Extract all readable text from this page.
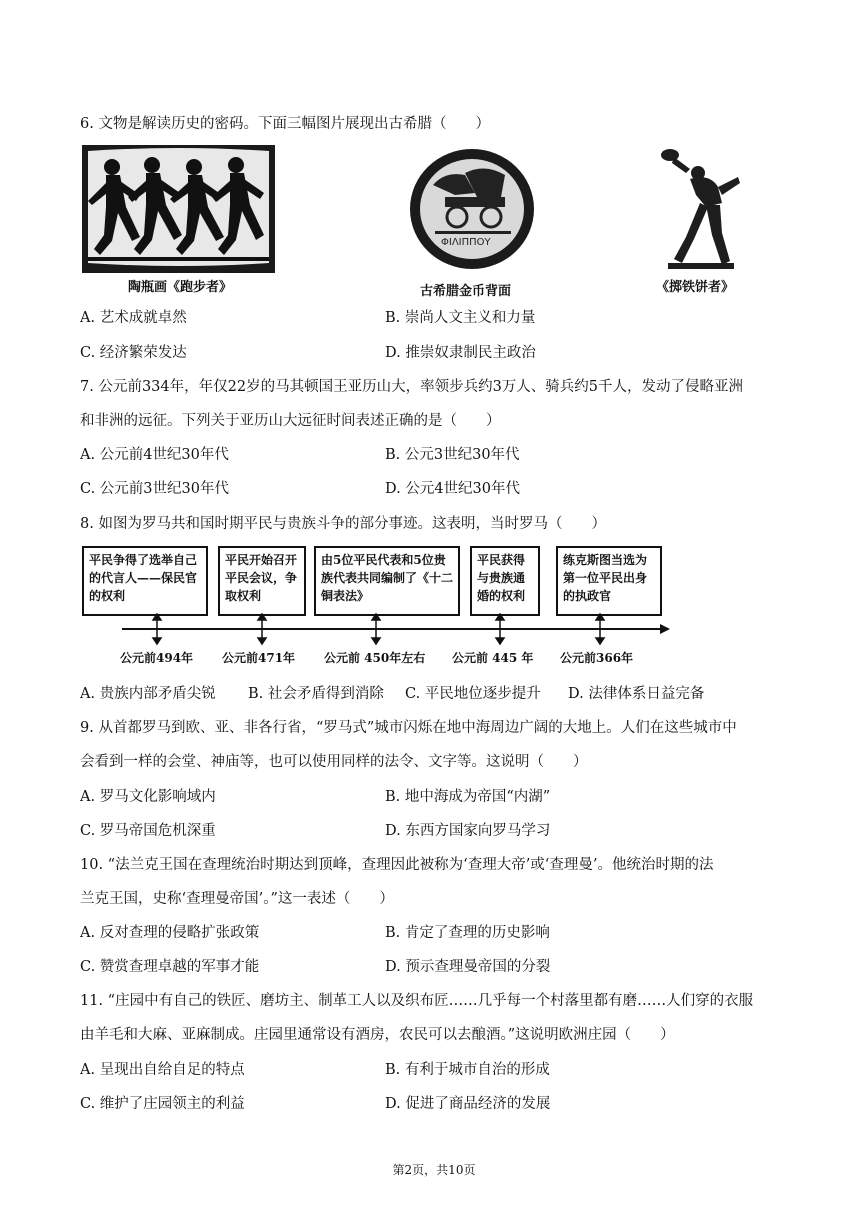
6. 文物是解读历史的密码。下面三幅图片展现出古希腊（　　）
陶瓶画《跑步者》
ΦΙΛΙΠΠΟΥ
古希腊金币背面	《掷铁饼者》
A. 艺术成就卓然	B. 崇尚人文主义和力量
C. 经济繁荣发达	D. 推崇奴隶制民主政治
7. 公元前334年，年仅22岁的马其顿国王亚历山大，率领步兵约3万人、骑兵约5千人，发动了侵略亚洲
和非洲的远征。下列关于亚历山大远征时间表述正确的是（　　）
A. 公元前4世纪30年代	B. 公元3世纪30年代
C. 公元前3世纪30年代	D. 公元4世纪30年代
8. 如图为罗马共和国时期平民与贵族斗争的部分事迹。这表明，当时罗马（　　）
平民争得了选举自己的代言人——保民官的权利
平民开始召开平民会议，争取权利
由5位平民代表和5位贵族代表共同编制了《十二铜表法》
平民获得与贵族通婚的权利
练克斯图当选为第一位平民出身的执政官
公元前494年 公元前471年 公元前 450年左右 公元前 445 年 公元前366年
A. 贵族内部矛盾尖锐 B. 社会矛盾得到消除 C. 平民地位逐步提升 D. 法律体系日益完备
9. 从首都罗马到欧、亚、非各行省，“罗马式”城市闪烁在地中海周边广阔的大地上。人们在这些城市中
会看到一样的会堂、神庙等，也可以使用同样的法令、文字等。这说明（　　）
A. 罗马文化影响域内	B. 地中海成为帝国“内湖”
C. 罗马帝国危机深重	D. 东西方国家向罗马学习
10. “法兰克王国在查理统治时期达到顶峰，查理因此被称为‘查理大帝’或‘查理曼’。他统治时期的法
兰克王国，史称‘查理曼帝国’。”这一表述（　　）
A. 反对查理的侵略扩张政策	B. 肯定了查理的历史影响
C. 赞赏查理卓越的军事才能	D. 预示查理曼帝国的分裂
11. “庄园中有自己的铁匠、磨坊主、制革工人以及织布匠……几乎每一个村落里都有磨……人们穿的衣服
由羊毛和大麻、亚麻制成。庄园里通常设有酒房，农民可以去酿酒。”这说明欧洲庄园（　　）
A. 呈现出自给自足的特点	B. 有利于城市自治的形成
C. 维护了庄园领主的利益	D. 促进了商品经济的发展
第2页，共10页
